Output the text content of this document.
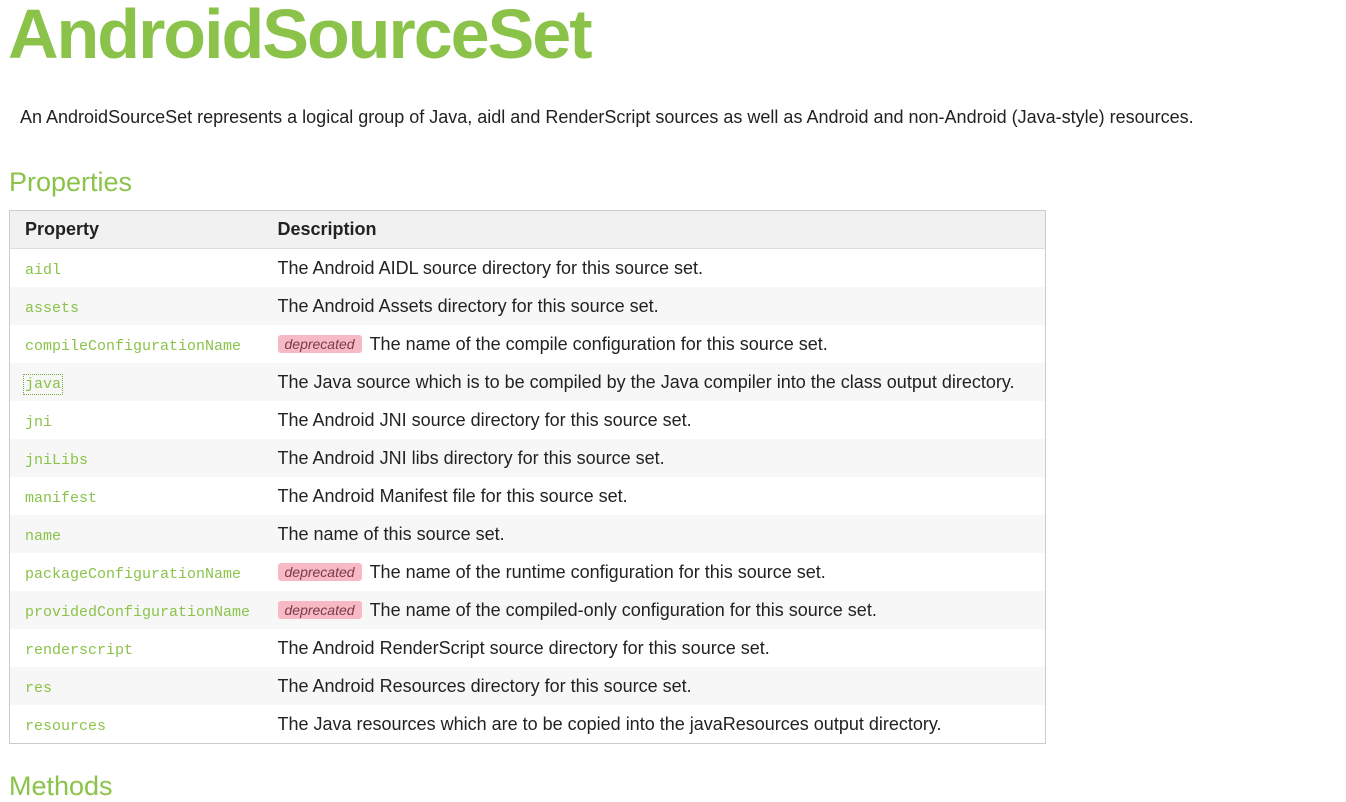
AndroidSourceSet

An AndroidSourceSet represents a logical group of Java, aidl and RenderScript sources as well as Android and non-Android (Java-style) resources.

Properties
Property	Description
aidl	The Android AIDL source directory for this source set.
assets	The Android Assets directory for this source set.
compileConfigurationName	deprecated The name of the compile configuration for this source set.
java	The Java source which is to be compiled by the Java compiler into the class output directory.
jni	The Android JNI source directory for this source set.
jniLibs	The Android JNI libs directory for this source set.
manifest	The Android Manifest file for this source set.
name	The name of this source set.
packageConfigurationName	deprecated The name of the runtime configuration for this source set.
providedConfigurationName	deprecated The name of the compiled-only configuration for this source set.
renderscript	The Android RenderScript source directory for this source set.
res	The Android Resources directory for this source set.
resources	The Java resources which are to be copied into the javaResources output directory.
Methods
